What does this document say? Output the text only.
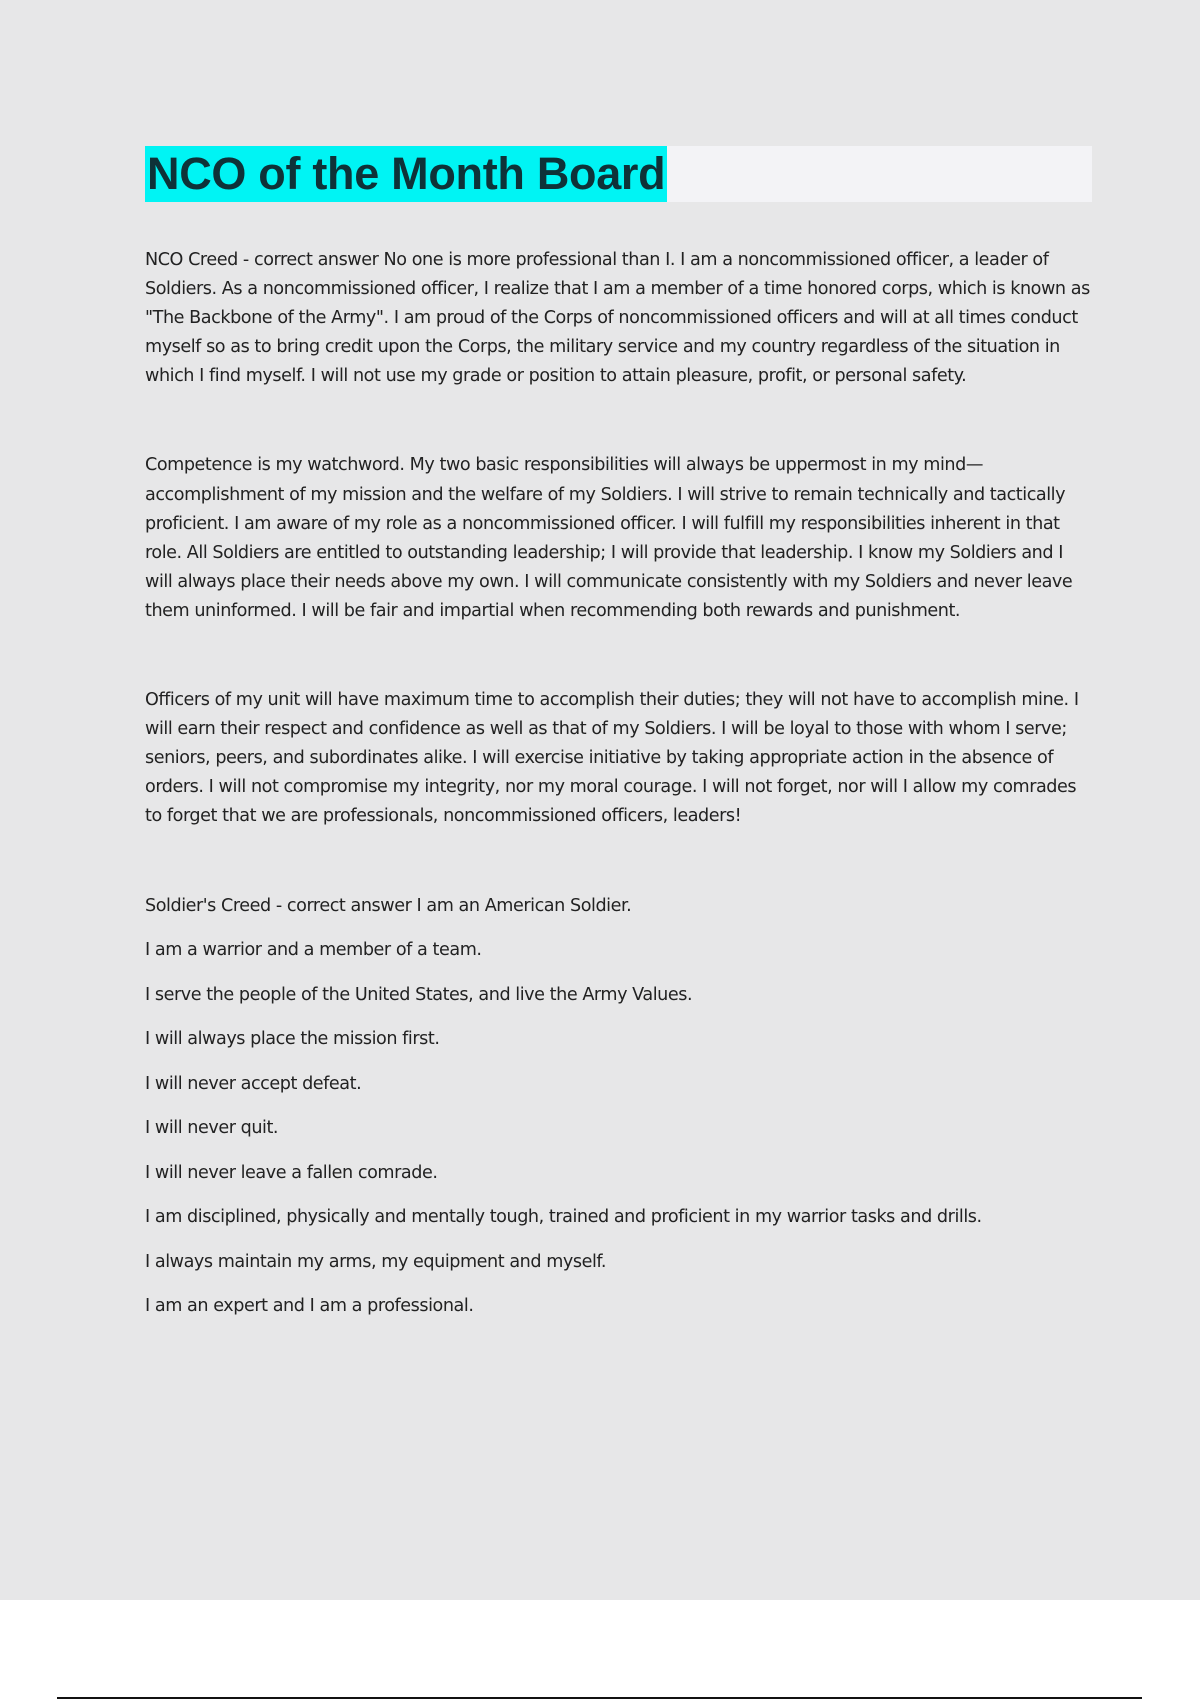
NCO of the Month Board

NCO Creed - correct answer No one is more professional than I. I am a noncommissioned officer, a leader of Soldiers. As a noncommissioned officer, I realize that I am a member of a time honored corps, which is known as "The Backbone of the Army". I am proud of the Corps of noncommissioned officers and will at all times conduct myself so as to bring credit upon the Corps, the military service and my country regardless of the situation in which I find myself. I will not use my grade or position to attain pleasure, profit, or personal safety.

Competence is my watchword. My two basic responsibilities will always be uppermost in my mind— accomplishment of my mission and the welfare of my Soldiers. I will strive to remain technically and tactically proficient. I am aware of my role as a noncommissioned officer. I will fulfill my responsibilities inherent in that role. All Soldiers are entitled to outstanding leadership; I will provide that leadership. I know my Soldiers and I will always place their needs above my own. I will communicate consistently with my Soldiers and never leave them uninformed. I will be fair and impartial when recommending both rewards and punishment.

Officers of my unit will have maximum time to accomplish their duties; they will not have to accomplish mine. I will earn their respect and confidence as well as that of my Soldiers. I will be loyal to those with whom I serve; seniors, peers, and subordinates alike. I will exercise initiative by taking appropriate action in the absence of orders. I will not compromise my integrity, nor my moral courage. I will not forget, nor will I allow my comrades to forget that we are professionals, noncommissioned officers, leaders!

Soldier's Creed - correct answer I am an American Soldier.

I am a warrior and a member of a team.

I serve the people of the United States, and live the Army Values.

I will always place the mission first.

I will never accept defeat.

I will never quit.

I will never leave a fallen comrade.

I am disciplined, physically and mentally tough, trained and proficient in my warrior tasks and drills.

I always maintain my arms, my equipment and myself.

I am an expert and I am a professional.
